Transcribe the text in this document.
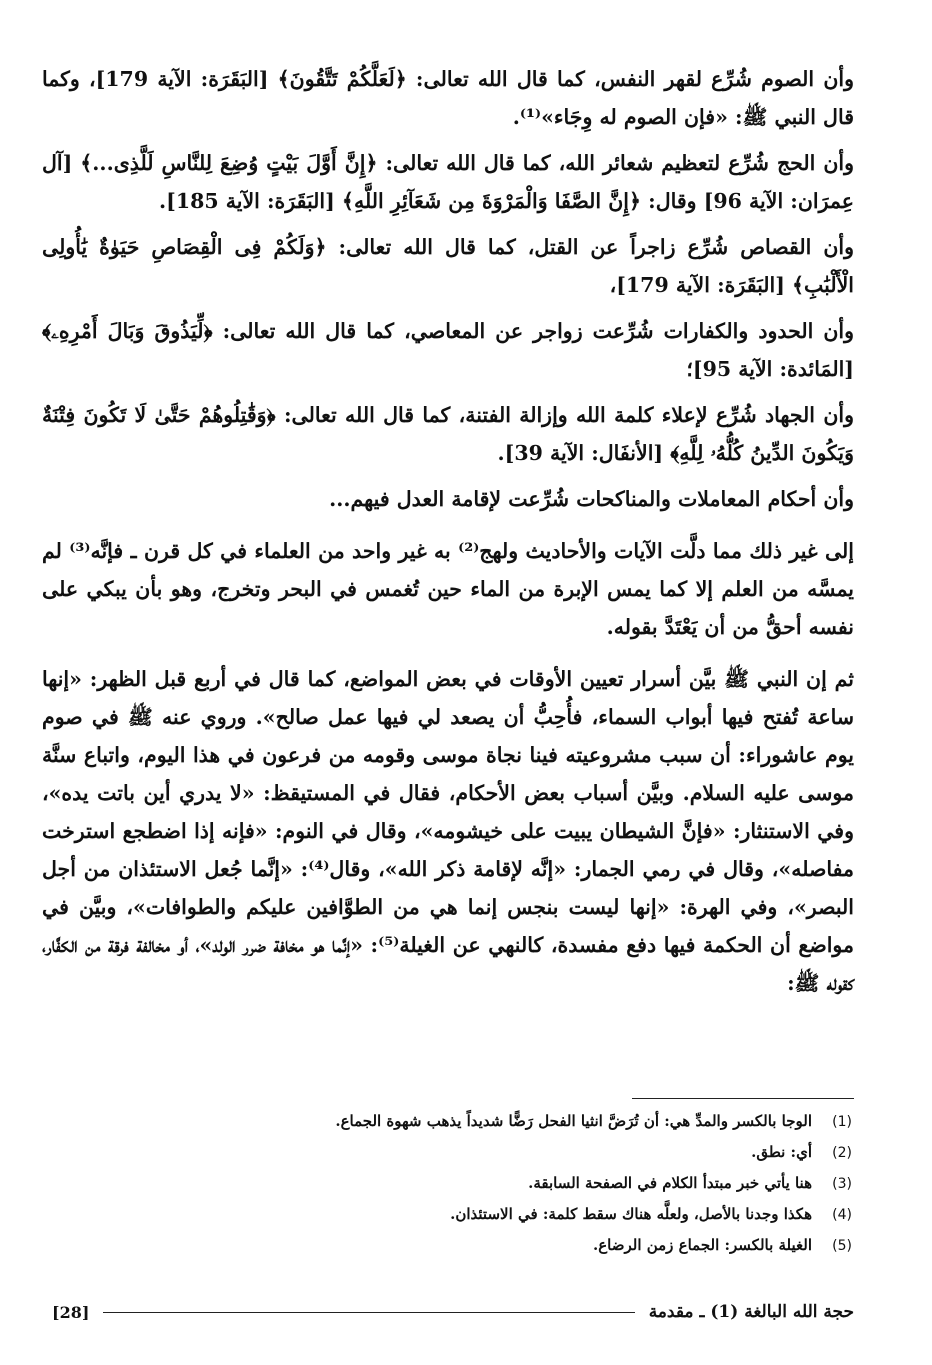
وأن الصوم شُرِّع لقهر النفس، كما قال الله تعالى: ﴿لَعَلَّكُمْ تَتَّقُونَ﴾ [البَقَرَة: الآية 179]، وكما قال النبي ﷺ: «فإن الصوم له وِجَاء»⁽¹⁾.

وأن الحج شُرِّع لتعظيم شعائر الله، كما قال الله تعالى: ﴿إِنَّ أَوَّلَ بَيْتٍ وُضِعَ لِلنَّاسِ لَلَّذِى...﴾ [آل عِمرَان: الآية 96] وقال: ﴿إِنَّ الصَّفَا وَالْمَرْوَةَ مِن شَعَآئِرِ اللَّهِ﴾ [البَقَرَة: الآية 185].

وأن القصاص شُرِّع زاجراً عن القتل، كما قال الله تعالى: ﴿وَلَكُمْ فِى الْقِصَاصِ حَيَوٰةٌ يَٰأُولِى الْأَلْبَٰبِ﴾ [البَقَرَة: الآية 179]،

وأن الحدود والكفارات شُرِّعت زواجر عن المعاصي، كما قال الله تعالى: ﴿لِّيَذُوقَ وَبَالَ أَمْرِهِۦ﴾ [المَائدة: الآية 95]؛

وأن الجهاد شُرِّع لإعلاء كلمة الله وإزالة الفتنة، كما قال الله تعالى: ﴿وَقَٰتِلُوهُمْ حَتَّىٰ لَا تَكُونَ فِتْنَةٌ وَيَكُونَ الدِّينُ كُلُّهُۥ لِلَّهِ﴾ [الأنفَال: الآية 39].

وأن أحكام المعاملات والمناكحات شُرِّعت لإقامة العدل فيهم...

إلى غير ذلك مما دلَّت الآيات والأحاديث ولهج⁽²⁾ به غير واحد من العلماء في كل قرن ـ فإنَّه⁽³⁾ لم يمسَّه من العلم إلا كما يمس الإبرة من الماء حين تُغمس في البحر وتخرج، وهو بأن يبكي على نفسه أحقُّ من أن يَعْتَدَّ بقوله.

ثم إن النبي ﷺ بيَّن أسرار تعيين الأوقات في بعض المواضع، كما قال في أربع قبل الظهر: «إنها ساعة تُفتح فيها أبواب السماء، فأُحِبُّ أن يصعد لي فيها عمل صالح». وروي عنه ﷺ في صوم يوم عاشوراء: أن سبب مشروعيته فينا نجاة موسى وقومه من فرعون في هذا اليوم، واتباع سنَّة موسى عليه السلام. وبيَّن أسباب بعض الأحكام، فقال في المستيقظ: «لا يدري أين باتت يده»، وفي الاستنثار: «فإنَّ الشيطان يبيت على خيشومه»، وقال في النوم: «فإنه إذا اضطجع استرخت مفاصله»، وقال في رمي الجمار: «إنَّه لإقامة ذكر الله»، وقال⁽⁴⁾: «إنَّما جُعل الاستئذان من أجل البصر»، وفي الهرة: «إنها ليست بنجس إنما هي من الطوَّافين عليكم والطوافات»، وبيَّن في مواضع أن الحكمة فيها دفع مفسدة، كالنهي عن الغيلة⁽⁵⁾: «إنَّما هو مخافة ضرر الولد»، أو مخالفة فرقة من الكفَّار، كقوله ﷺ:

(1)
الوجا بالكسر والمدِّ هي: أن تُرَضَّ انثيا الفحل رَضًّا شديداً يذهب شهوة الجماع.
(2)
أي: نطق.
(3)
هنا يأتي خبر مبتدأ الكلام في الصفحة السابقة.
(4)
هكذا وجدنا بالأصل، ولعلَّه هناك سقط كلمة: في الاستئذان.
(5)
الغيلة بالكسر: الجماع زمن الرضاع.
حجة الله البالغة (1) ـ مقدمة
[28]
